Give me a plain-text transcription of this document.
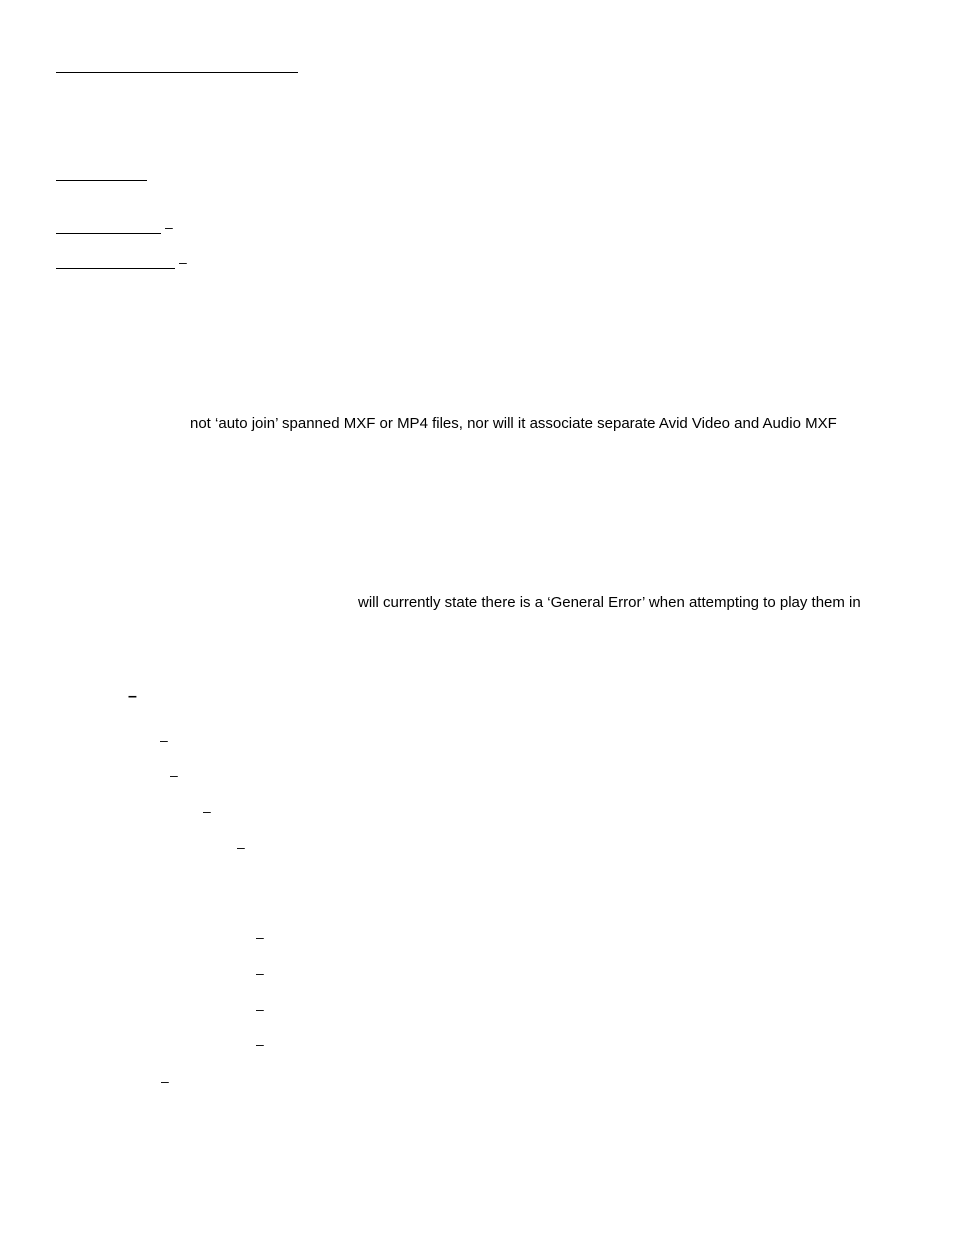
–
–
not ‘auto join’ spanned MXF or MP4 files, nor will it associate separate Avid Video and Audio MXF
will currently state there is a ‘General Error’ when attempting to play them in
–
–
–
–
–
–
–
–
–
–
